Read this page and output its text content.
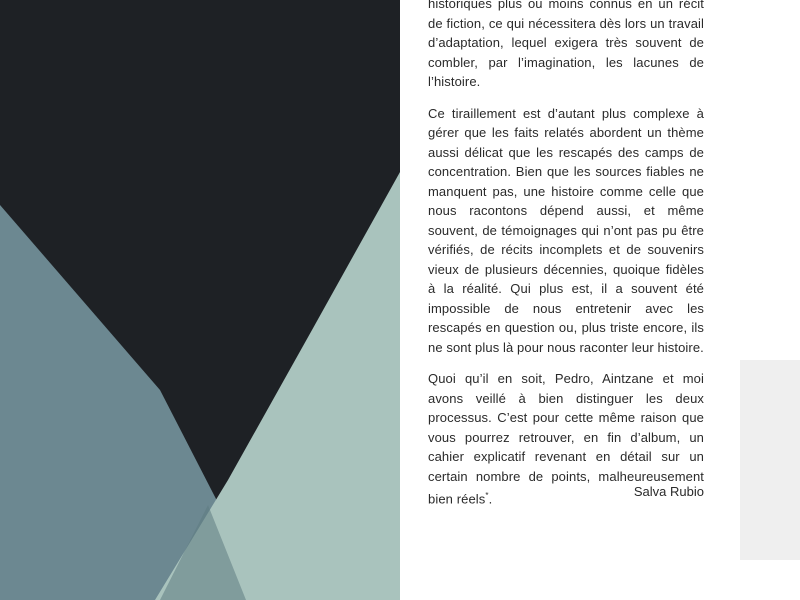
historiques plus ou moins connus en un récit de fiction, ce qui nécessitera dès lors un travail d’adaptation, lequel exigera très souvent de combler, par l’imagination, les lacunes de l’histoire.

Ce tiraillement est d’autant plus complexe à gérer que les faits relatés abordent un thème aussi délicat que les rescapés des camps de concentration. Bien que les sources fiables ne manquent pas, une histoire comme celle que nous racontons dépend aussi, et même souvent, de témoignages qui n’ont pas pu être vérifiés, de récits incomplets et de souvenirs vieux de plusieurs décennies, quoique fidèles à la réalité. Qui plus est, il a souvent été impossible de nous entretenir avec les rescapés en question ou, plus triste encore, ils ne sont plus là pour nous raconter leur histoire.

Quoi qu’il en soit, Pedro, Aintzane et moi avons veillé à bien distinguer les deux processus. C’est pour cette même raison que vous pourrez retrouver, en fin d’album, un cahier explicatif revenant en détail sur un certain nombre de points, malheureusement bien réels*.	Salva Rubio
